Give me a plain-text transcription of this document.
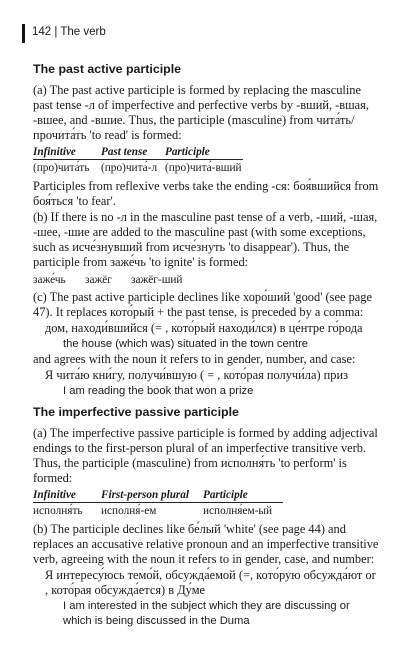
142 | The verb
The past active participle

(a) The past active participle is formed by replacing the masculine past tense -л of imperfective and perfective verbs by -вший, -вшая, -вшее, and -вшие. Thus, the participle (masculine) from чита́ть/прочита́ть 'to read' is formed:

Infinitive Past tense Participle
(про)чита́ть (про)чита́-л (про)чита́-вший

Participles from reflexive verbs take the ending -ся: боя́вшийся from боя́ться 'to fear'.

(b) If there is no -л in the masculine past tense of a verb, -ший, -шая, -шее, -шие are added to the masculine past (with some exceptions, such as исче́знувший from исче́знуть 'to disappear'). Thus, the participle from заже́чь 'to ignite' is formed:

заже́чь зажёг зажёг-ший

(c) The past active participle declines like хоро́ший 'good' (see page 47). It replaces кото́рый + the past tense, is preceded by a comma:

дом, находи́вшийся (= , кото́рый находи́лся) в це́нтре го́рода
the house (which was) situated in the town centre

and agrees with the noun it refers to in gender, number, and case:

Я чита́ю кни́гу, получи́вшую ( = , кото́рая получи́ла) приз
I am reading the book that won a prize
The imperfective passive participle

(a) The imperfective passive participle is formed by adding adjectival endings to the first-person plural of an imperfective transitive verb. Thus, the participle (masculine) from исполня́ть 'to perform' is formed:

Infinitive First-person plural Participle
исполня́ть исполня́-ем	исполня́ем-ый

(b) The participle declines like бе́лый 'white' (see page 44) and replaces an accusative relative pronoun and an imperfective transitive verb, agreeing with the noun it refers to in gender, case, and number:

Я интересу́юсь темо́й, обсужда́емой (=, кото́рую обсужда́ют or , кото́рая обсужда́ется) в Ду́ме
I am interested in the subject which they are discussing or which is being discussed in the Duma
